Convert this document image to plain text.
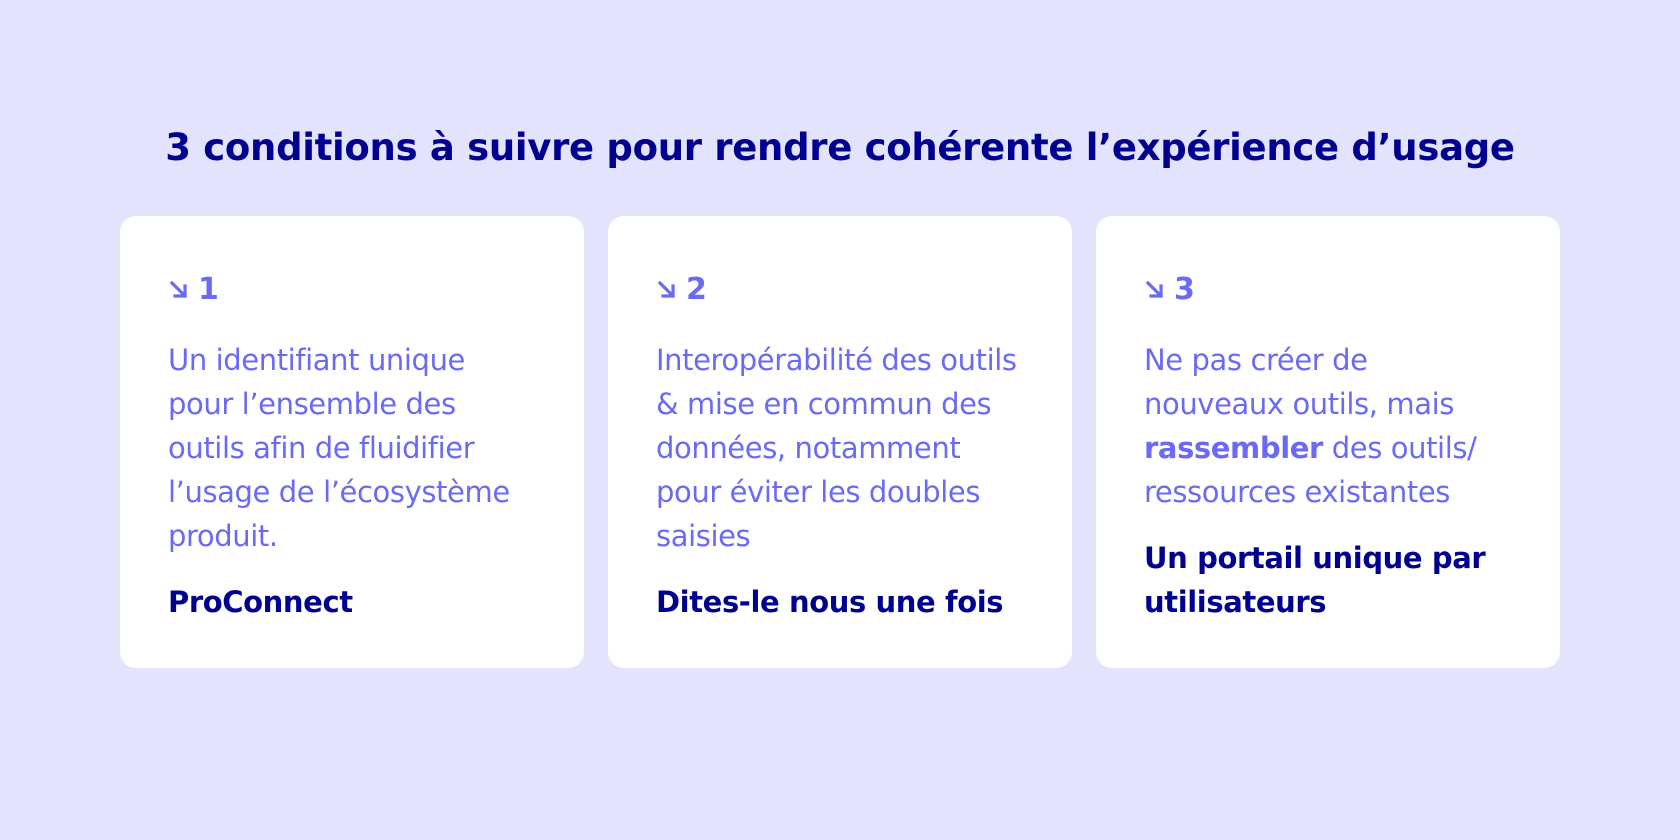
3 conditions à suivre pour rendre cohérente l’expérience d’usage
1
Un identifiant unique pour l’ensemble des outils afin de fluidifier l’usage de l’écosystème produit.
ProConnect
2
Interopérabilité des outils & mise en commun des données, notamment pour éviter les doubles saisies
Dites-le nous une fois
3
Ne pas créer de nouveaux outils, mais rassembler des outils/ ressources existantes
Un portail unique par utilisateurs
